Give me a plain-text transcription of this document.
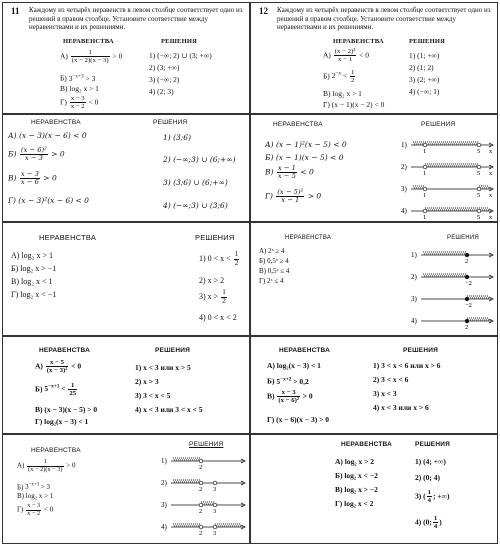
11 Каждому из четырёх неравенств в левом столбце соответствует одно из решений в правом столбце. Установите соответствие между неравенствами и их решениями.
НЕРАВЕНСТВА	РЕШЕНИЯ
$А) \frac{1}{(x - 2)(x - 3)} > 0$
Б) $3^{-x+3} > 3$
В) log₂ x > 1
$Г) \frac{x - 3}{x - 2} < 0$
1) (−∞; 2) ∪ (3; +∞)
2) (3; +∞)
3) (−∞; 2)
4) (2; 3)
12 Каждому из четырёх неравенств в левом столбце соответствует одно из решений в правом столбце. Установите соответствие между неравенствами и их решениями.
НЕРАВЕНСТВА	РЕШЕНИЯ
$А) \frac{\text{(x − 2)²}}{x - 1} < 0$
Б) $2^{-x} < \frac{1}{2}$
В) log₂ x > 1
Г) (x − 1)(x − 2) < 0
1) (1; +∞)
2) (1; 2)
3) (2; +∞)
4) (−∞; 1)
НЕРАВЕНСТВА	РЕШЕНИЯ
А) (x − 3)(x − 6) < 0
$Б) \frac{\text{(x − 6)²}}{x - 3} > 0$
$В) \frac{x - 3}{x - 6} > 0$
Г) (x − 3)²(x − 6) < 0
1) (3;6)
2) (−∞;3) ∪ (6;+∞)
3) (3;6) ∪ (6;+∞)
4) (−∞;3) ∪ (3;6)
НЕРАВЕНСТВА	РЕШЕНИЯ
А) (x − 1)²(x − 5) < 0
Б) (x − 1)(x − 5) < 0
$В) \frac{x - 1}{x - 5} < 0$
$Г) \frac{\text{(x − 5)²}}{x - 1} > 0$
1)
1	5 x
2)
1	5 x
3)
1	5 x
4)
1	5 x
НЕРАВЕНСТВА	РЕШЕНИЯ
А) log₂ x > 1
Б) log₂ x > −1
В) log₂ x < 1
Г) log₂ x < −1
1) $0 < x < \frac{1}{2}$
2) x > 2
3) $x > \frac{1}{2}$
4) 0 < x < 2
НЕРАВЕНСТВА	РЕШЕНИЯ
А) 2ˣ ≥ 4
Б) 0,5ˣ ≥ 4
В) 0,5ˣ ≤ 4
Г) 2ˣ ≤ 4
1)
2
2)
−2
3)
−2
4)
2
НЕРАВЕНСТВА	РЕШЕНИЯ
$А) \frac{x - 5}{\text{(x − 3)²}} < 0$
Б) $5^{-x+1} < \frac{1}{25}$
В) (x − 3)(x − 5) > 0
Г) log₂(x − 3) < 1
1) x < 3 или x > 5
2) x > 3
3) 3 < x < 5
4) x < 3 или 3 < x < 5
НЕРАВЕНСТВА	РЕШЕНИЯ
А) log₂(x − 3) < 1
Б) $5^{-x+2} > 0,2$
$В) \frac{x - 3}{\text{(x − 6)²}} > 0$
Г) (x − 6)(x − 3) > 0
1) 3 < x < 6 или x > 6
2) 3 < x < 6
3) x < 3
4) x < 3 или x > 6
НЕРАВЕНСТВА
РЕШЕНИЯ
$А) \frac{1}{(x - 2)(x - 3)} > 0$
Б) $3^{-x+3} > 3$
В) log₂ x > 1
$Г) \frac{x - 3}{x - 2} < 0$
1)
2
2)
2 3
3)
2 3
4)
2 3
НЕРАВЕНСТВА	РЕШЕНИЯ
А) log₂ x > 2
Б) log₂ x < −2
В) log₂ x > −2
Г) log₂ x < 2
1) (4; +∞)
2) (0; 4)
3) ( $\frac{1}{4}$ ; +∞)
4) (0; $\frac{1}{4}$ )
